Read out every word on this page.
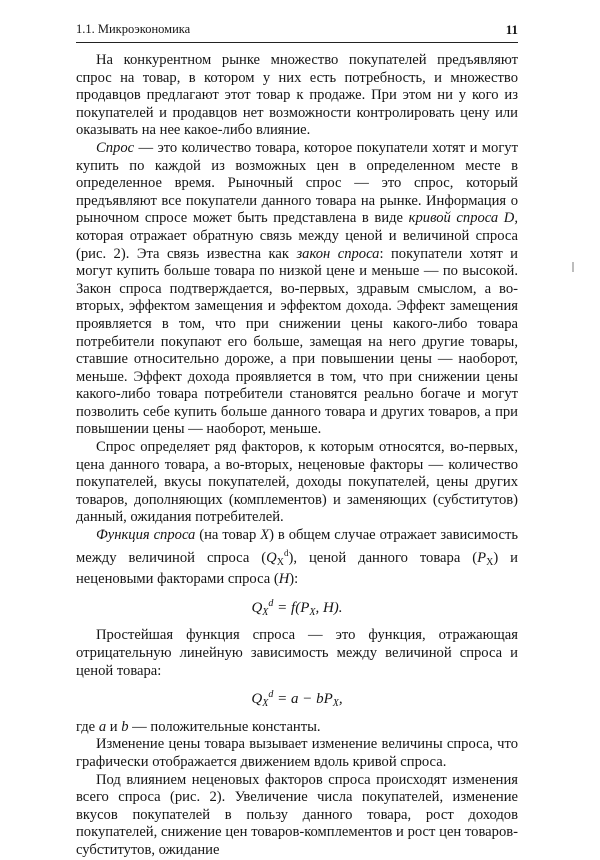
1.1. Микроэкономика	11

На конкурентном рынке множество покупателей предъявляют спрос на товар, в котором у них есть потребность, и множество продавцов предлагают этот товар к продаже. При этом ни у кого из покупателей и продавцов нет возможности контролировать цену или оказывать на нее какое-либо влияние.

Спрос — это количество товара, которое покупатели хотят и могут купить по каждой из возможных цен в определенном месте в определенное время. Рыночный спрос — это спрос, который предъявляют все покупатели данного товара на рынке. Информация о рыночном спросе может быть представлена в виде кривой спроса D, которая отражает обратную связь между ценой и величиной спроса (рис. 2). Эта связь известна как закон спроса: покупатели хотят и могут купить больше товара по низкой цене и меньше — по высокой. Закон спроса подтверждается, во-первых, здравым смыслом, а во-вторых, эффектом замещения и эффектом дохода. Эффект замещения проявляется в том, что при снижении цены какого-либо товара потребители покупают его больше, замещая на него другие товары, ставшие относительно дороже, а при повышении цены — наоборот, меньше. Эффект дохода проявляется в том, что при снижении цены какого-либо товара потребители становятся реально богаче и могут позволить себе купить больше данного товара и других товаров, а при повышении цены — наоборот, меньше.

Спрос определяет ряд факторов, к которым относятся, во-первых, цена данного товара, а во-вторых, неценовые факторы — количество покупателей, вкусы покупателей, доходы покупателей, цены других товаров, дополняющих (комплементов) и заменяющих (субститутов) данный, ожидания потребителей.

Функция спроса (на товар X) в общем случае отражает зависимость между величиной спроса $(Q_X^d)$, ценой данного товара $(P_X)$ и неценовыми факторами спроса (H):

$Q_X^d = f(P_X$, H).

Простейшая функция спроса — это функция, отражающая отрицательную линейную зависимость между величиной спроса и ценой товара:

$Q_X^d = a - bP_X$,

где a и b — положительные константы.

Изменение цены товара вызывает изменение величины спроса, что графически отображается движением вдоль кривой спроса.

Под влиянием неценовых факторов спроса происходят изменения всего спроса (рис. 2). Увеличение числа покупателей, изменение вкусов покупателей в пользу данного товара, рост доходов покупателей, снижение цен товаров-комплементов и рост цен товаров-субститутов, ожидание
